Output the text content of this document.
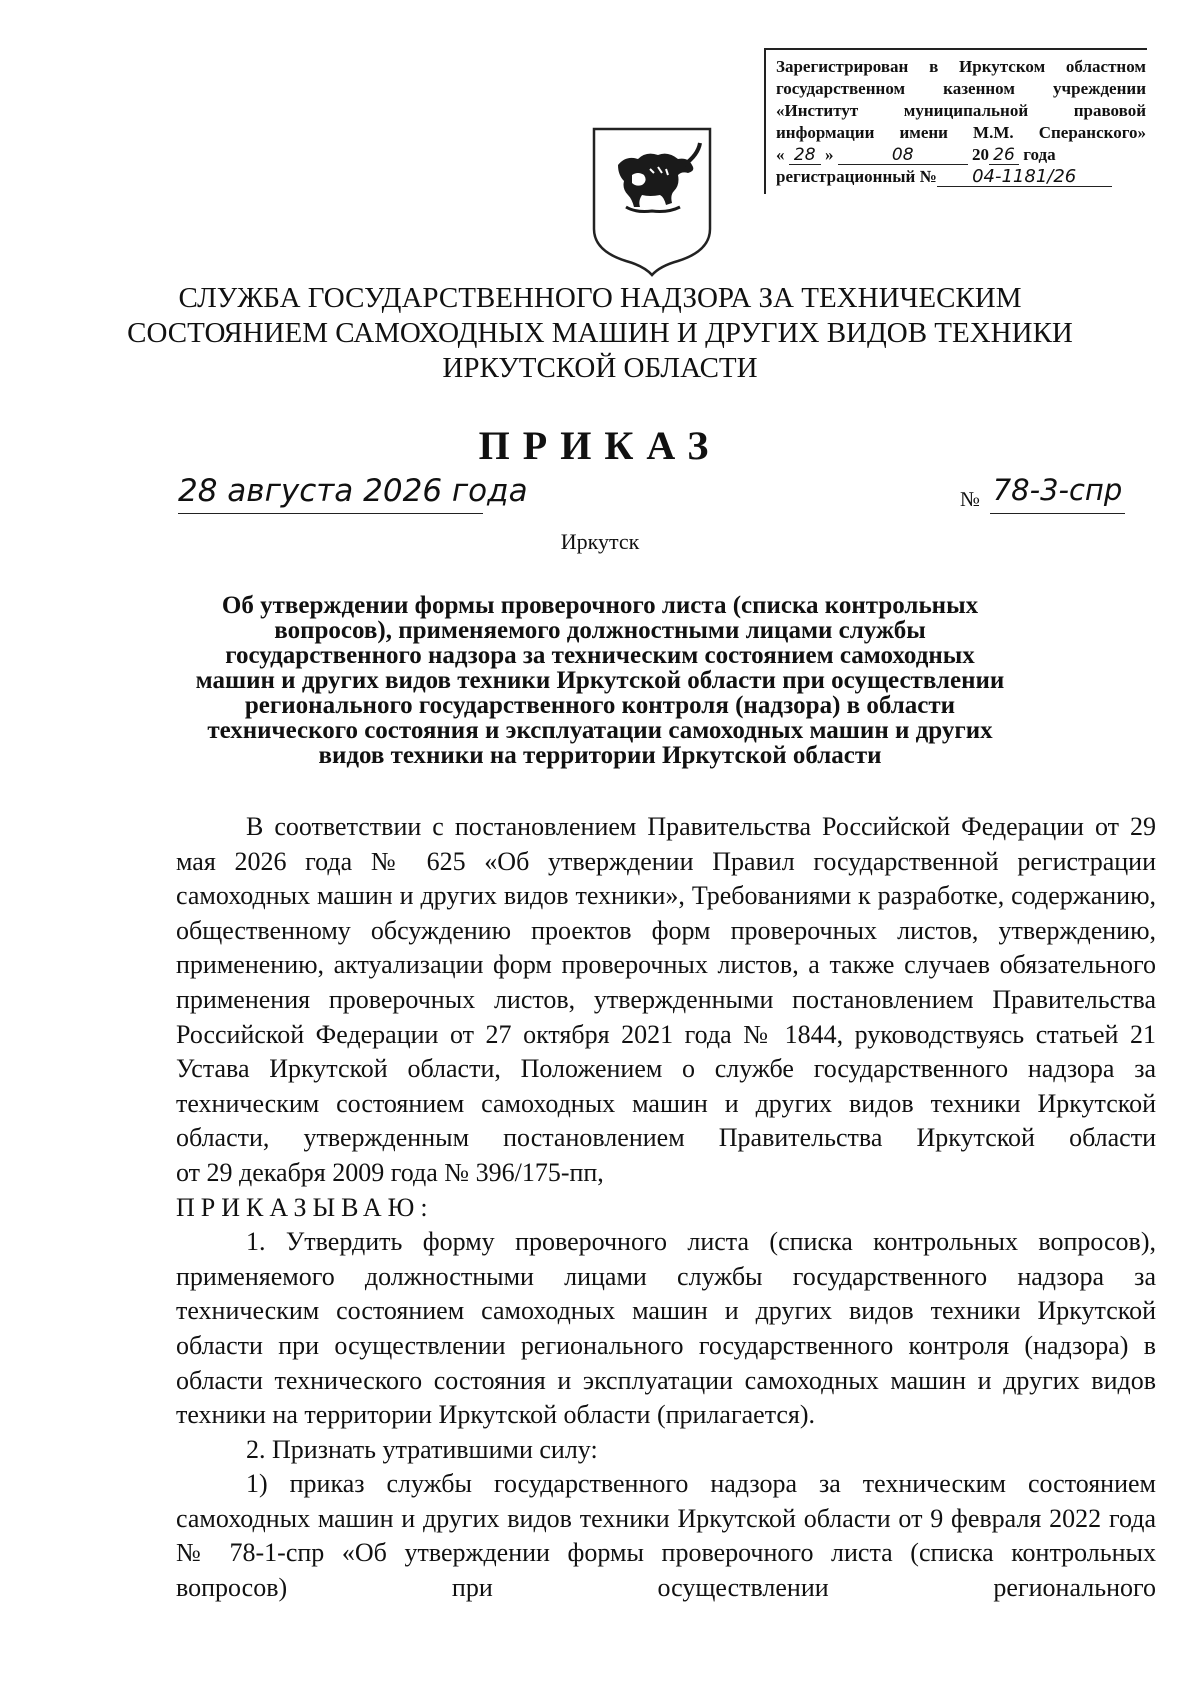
Зарегистрирован в Иркутском областном
государственном казенном учреждении
«Институт муниципальной правовой
информации имени М.М. Сперанского»
« 28 »	08	20 26 года
регистрационный № 04-1181/26
СЛУЖБА ГОСУДАРСТВЕННОГО НАДЗОРА ЗА ТЕХНИЧЕСКИМ
СОСТОЯНИЕМ САМОХОДНЫХ МАШИН И ДРУГИХ ВИДОВ ТЕХНИКИ
ИРКУТСКОЙ ОБЛАСТИ
ПРИКАЗ
28 августа 2026 года	№ 78-3-спр
Иркутск
Об утверждении формы проверочного листа (списка контрольных
вопросов), применяемого должностными лицами службы
государственного надзора за техническим состоянием самоходных
машин и других видов техники Иркутской области при осуществлении
регионального государственного контроля (надзора) в области
технического состояния и эксплуатации самоходных машин и других
видов техники на территории Иркутской области

В соответствии с постановлением Правительства Российской Федерации от 29 мая 2026 года № 625 «Об утверждении Правил государственной регистрации самоходных машин и других видов техники», Требованиями к разработке, содержанию, общественному обсуждению проектов форм проверочных листов, утверждению, применению, актуализации форм проверочных листов, а также случаев обязательного применения проверочных листов, утвержденными постановлением Правительства Российской Федерации от 27 октября 2021 года № 1844, руководствуясь статьей 21 Устава Иркутской области, Положением о службе государственного надзора за техническим состоянием самоходных машин и других видов техники Иркутской области, утвержденным постановлением Правительства Иркутской области

от 29 декабря 2009 года № 396/175-пп,

ПРИКАЗЫВАЮ:

1. Утвердить форму проверочного листа (списка контрольных вопросов), применяемого должностными лицами службы государственного надзора за техническим состоянием самоходных машин и других видов техники Иркутской области при осуществлении регионального государственного контроля (надзора) в области технического состояния и эксплуатации самоходных машин и других видов техники на территории Иркутской области (прилагается).

2. Признать утратившими силу:

1) приказ службы государственного надзора за техническим состоянием самоходных машин и других видов техники Иркутской области от 9 февраля 2022 года № 78-1-спр «Об утверждении формы проверочного листа (списка контрольных вопросов) при осуществлении регионального
